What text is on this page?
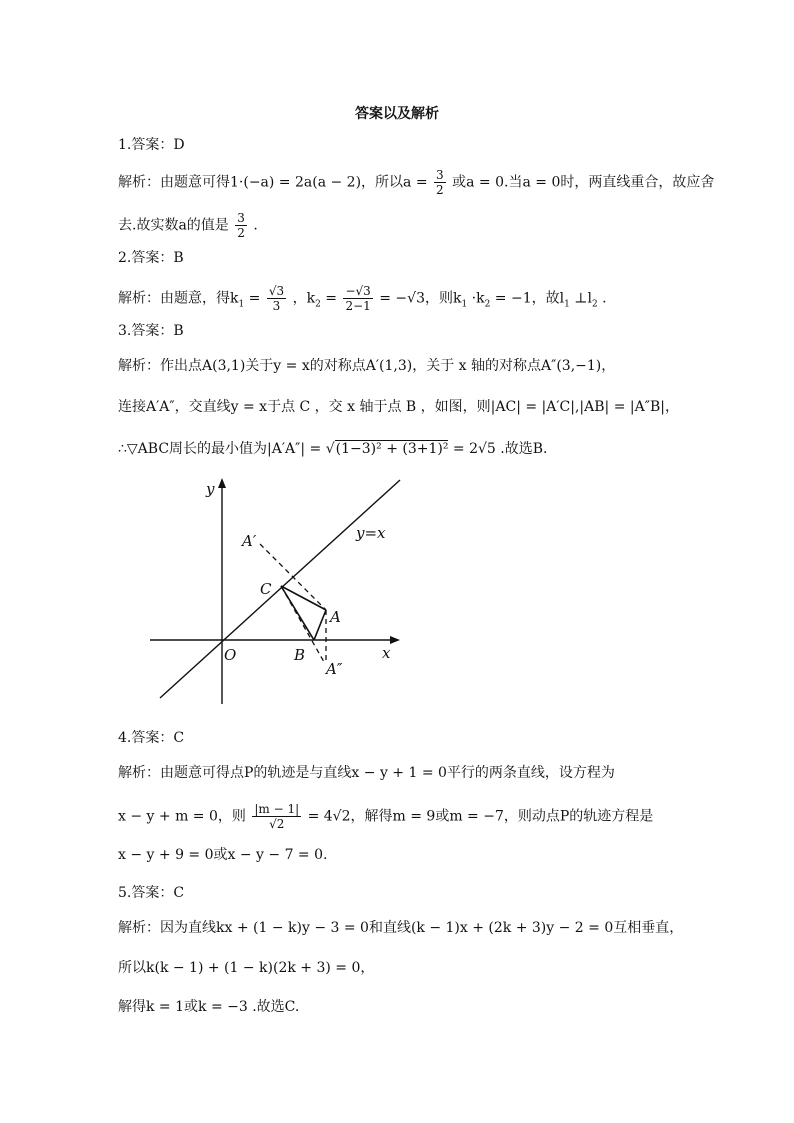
答案以及解析
1.答案：D
解析：由题意可得1·(−a) = 2a(a − 2)，所以$a = \frac{3}{2}$ 或a = 0.当a = 0时，两直线重合，故应舍
去.故实数a的值是 $\frac{3}{2}$ .
2.答案：B
解析：由题意，得$k_1 = \frac{√3}{3}$ ，$k_2 = \frac{-√3}{2-1} = -√3$，则$k_1 \cdot k_2 = -1$，故$l_1$ $\perp l_2$ .
3.答案：B
解析：作出点A(3,1)关于y = x的对称点A′(1,3)，关于 x 轴的对称点A″(3,−1)，
连接A′A″，交直线y = x于点 C ，交 x 轴于点 B ，如图，则|AC| = |A′C|,|AB| = |A″B|，
∴▽ABC周长的最小值为|A′A″| = √(1−3)² + (3+1)² = 2√5 .故选B.
y
x
O
y=x
A′
C
A
B
A″
4.答案：C
解析：由题意可得点P的轨迹是与直线x − y + 1 = 0平行的两条直线，设方程为
x − y + m = 0，则 $\frac{|m - 1|}{√2} = 4√2$，解得m = 9或m = −7，则动点P的轨迹方程是
x − y + 9 = 0或x − y − 7 = 0.
5.答案：C
解析：因为直线kx + (1 − k)y − 3 = 0和直线(k − 1)x + (2k + 3)y − 2 = 0互相垂直，
所以k(k − 1) + (1 − k)(2k + 3) = 0，
解得k = 1或k = −3 .故选C.
